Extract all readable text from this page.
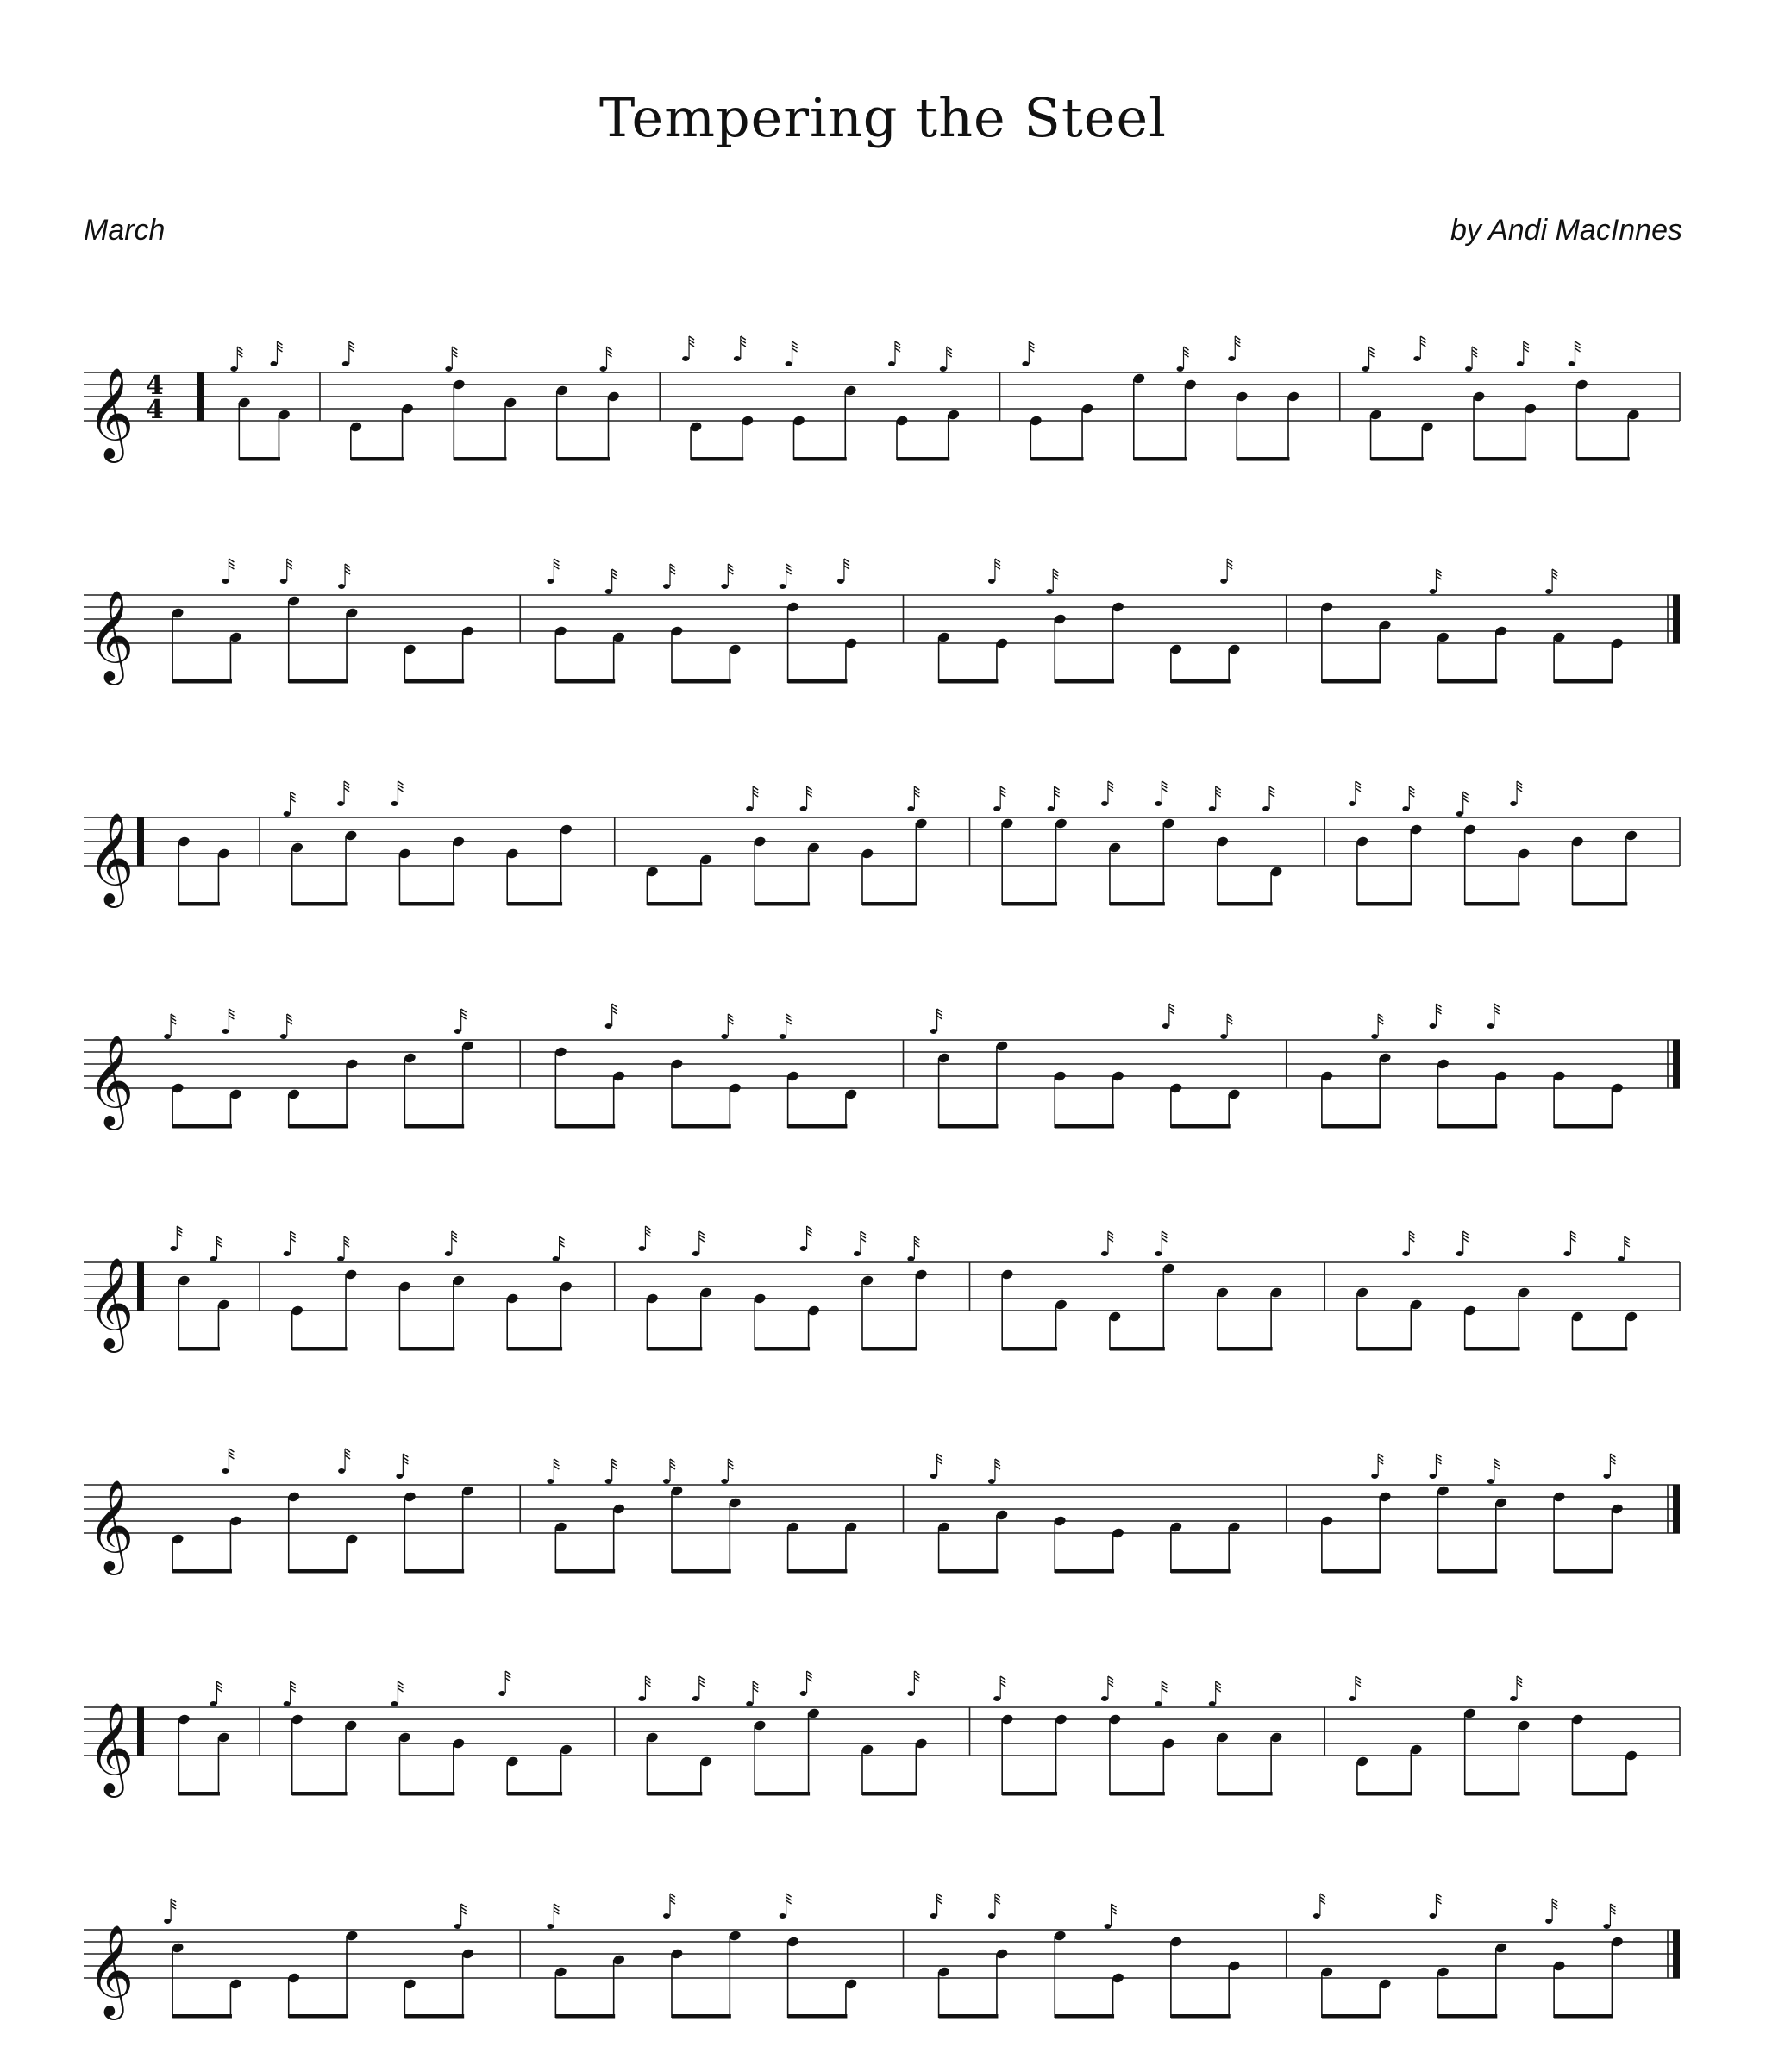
Tempering the Steel
March	by Andi MacInnes
𝄞 4
4
𝄞
𝄞
𝄞
𝄞
𝄞
𝄞
𝄞
